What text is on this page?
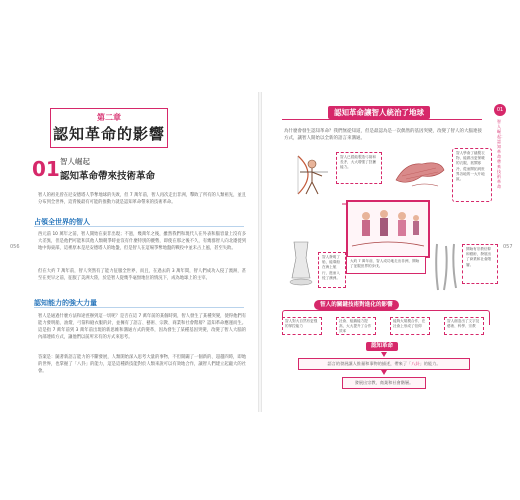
第二章
認知革命的影響
01 智人崛起
認知革命帶來技術革命
智人的祖先曾在尼安德塔人爭奪地球的失敗，但 7 萬年前，智人再次走出非洲，擊敗了所有的人類祖先，並且分布到全世界，這背後最有可能的推動力就是認知革命帶來的技術革命。
占領全世界的智人
西元前 10 萬年之前，智人開始在東非出現；不過，幾萬年之後，雖然我們和現代人在外表和腦容量上沒有多大差異，但是他們可能和其他人類競爭時並沒有什麼特別的優勢，即使在那之後不久，有幾群智人向北遷徙到地中海東部，這裡原本是尼安德塔人的地盤，但是智人在這場爭奪地盤的戰役中並未占上風，甚至失敗。
但在大約 7 萬年前，智人突然有了能力征服全世界，而且，在過去的 3 萬年間，智人們成功入侵了澳洲，甚至在更早之前，征服了美洲大陸，於是智人從幾乎毫無地位的情況下，成為地球上的主宰。
認知能力的強大力量
智人是通過什麼方法和途徑辦到這一切呢？是否在這 7 萬年前的某個時刻，智人發生了某種突變，使得他們有能力發明船、油燈、弓箭和縫衣服的針，並擁有了語言、藝術、宗教、商業和社會階層？認知革命應運而生。這是指 7 萬年前到 3 萬年前出現的新思維和溝通方式的變革，因為發生了某種基因突變，改變了智人大腦的內部連結方式，讓他們以前所未有的方式來思考。
答案是：隨著新語言能力的不斷發展，人類開始深入思考大量的事物，不但開闢了一個新的、超越四時，即地的世界，也掌握了「八卦」的能力，這是這種新技能對於人類來說可以有效地合作，讓智人們建立起龐大的社會。
056
認知革命讓智人統治了地球
為什麼會發生認知革命？我們無從知道，但是最認為是一次偶然的基因突變，改變了智人的大腦連接方式，讓智人開始以全新的語言來溝通。
01
智人崛起：認知革命帶來技術革命
057
智人已經能製造弓箭和長矛，大大增強了狩獵能力。
智人學會了縫製衣物，能做出更保暖的衣服，抵禦寒冷，從而開拓到世界各地的一大片地區。
大約 7 萬年前，智人成功地走出非洲，開始了征服世界的步伐。
智人發明了船，能乘船在海上航行，進而入侵了澳洲。
開始有宗教信仰和藝術，發展出了商業和社會階層。
智人的關鍵技術對進化的影響
智人對大自然有更強的掌控能力
社會、組織能力提高，大大提升了合作效率
能夠大規模合作，在社會上形成了信仰
智人創造出了文字及藝術、科學、宗教
認知革命
語言的發展讓人推量和事物的描述，帶來了「八卦」的能力。
發展出宗教、商業和社會階層。
